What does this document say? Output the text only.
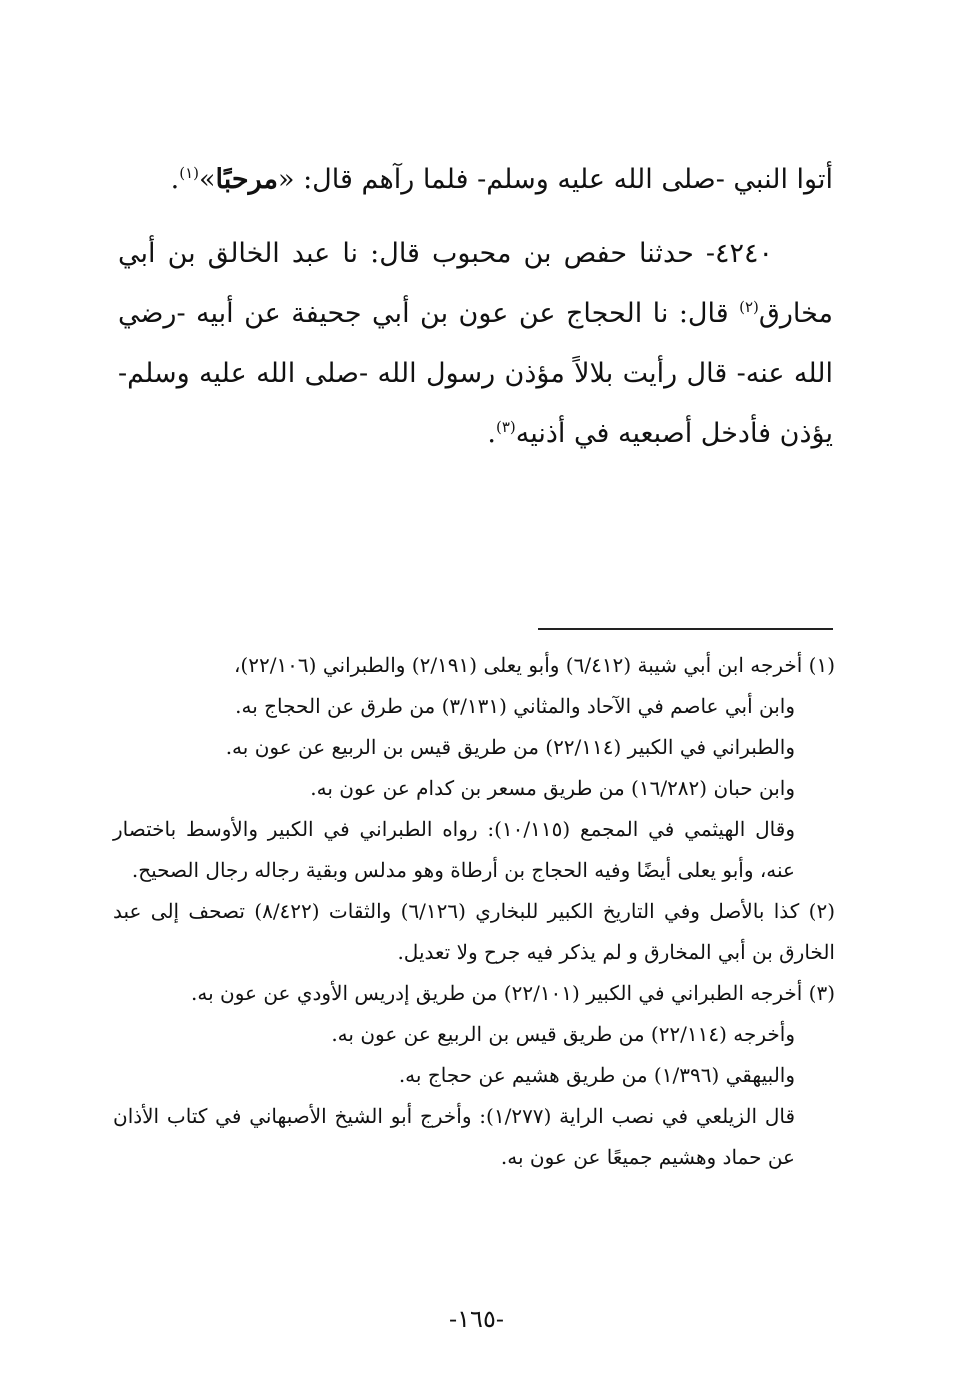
أتوا النبي -صلى الله عليه وسلم- فلما رآهم قال: «مرحبًا»$^{(١)}$.

٤٢٤٠- حدثنا حفص بن محبوب قال: نا عبد الخالق بن أبي مخارق$^{(٢)}$ قال: نا الحجاج عن عون بن أبي جحيفة عن أبيه -رضي الله عنه- قال رأيت بلالاً مؤذن رسول الله -صلى الله عليه وسلم- يؤذن فأدخل أصبعيه في أذنيه$^{(٣)}$.

(١) أخرجه ابن أبي شيبة (٦/٤١٢) وأبو يعلى (٢/١٩١) والطبراني (٢٢/١٠٦)،

وابن أبي عاصم في الآحاد والمثاني (٣/١٣١) من طرق عن الحجاج به.

والطبراني في الكبير (٢٢/١١٤) من طريق قيس بن الربيع عن عون به.

وابن حبان (١٦/٢٨٢) من طريق مسعر بن كدام عن عون به.

وقال الهيثمي في المجمع (١٠/١١٥): رواه الطبراني في الكبير والأوسط باختصار عنه، وأبو يعلى أيضًا وفيه الحجاج بن أرطاة وهو مدلس وبقية رجاله رجال الصحيح.

(٢) كذا بالأصل وفي التاريخ الكبير للبخاري (٦/١٢٦) والثقات (٨/٤٢٢) تصحف إلى عبد الخارق بن أبي المخارق و لم يذكر فيه جرح ولا تعديل.

(٣) أخرجه الطبراني في الكبير (٢٢/١٠١) من طريق إدريس الأودي عن عون به.

وأخرجه (٢٢/١١٤) من طريق قيس بن الربيع عن عون به.

والبيهقي (١/٣٩٦) من طريق هشيم عن حجاج به.

قال الزيلعي في نصب الراية (١/٢٧٧): وأخرج أبو الشيخ الأصبهاني في كتاب الأذان عن حماد وهشيم جميعًا عن عون به.

-١٦٥-
